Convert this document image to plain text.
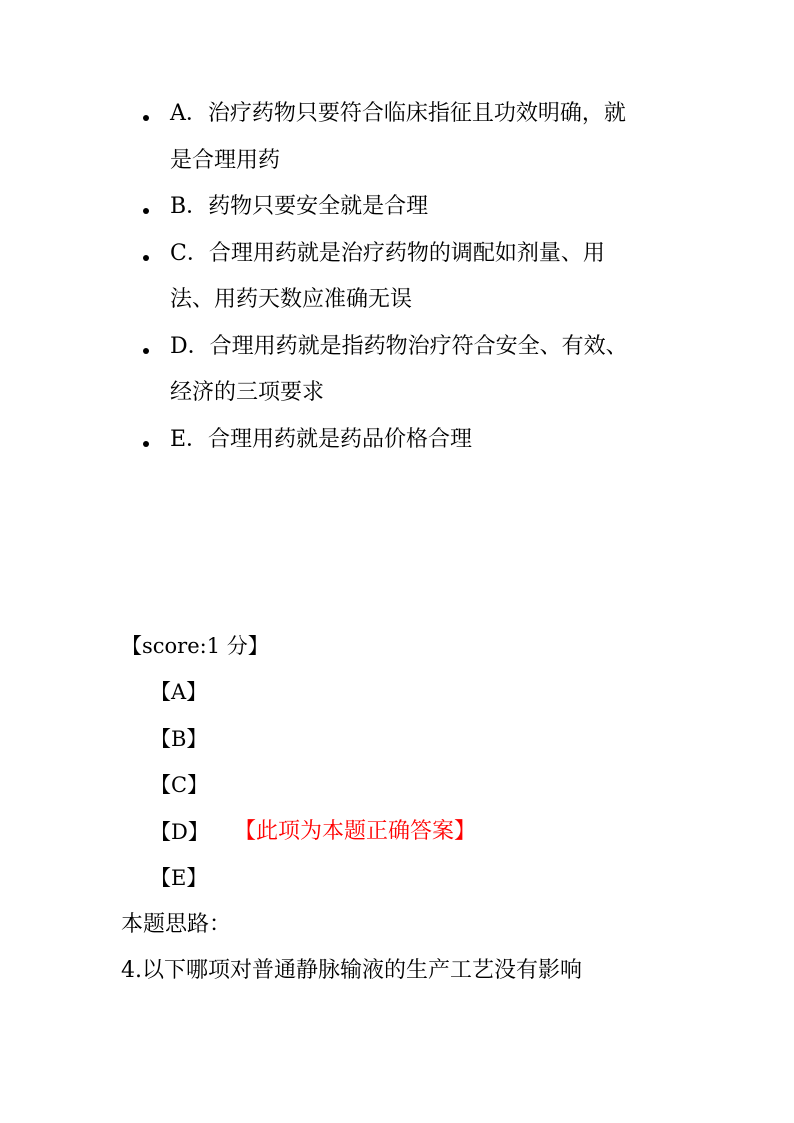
A．治疗药物只要符合临床指征且功效明确，就
是合理用药
B．药物只要安全就是合理
C．合理用药就是治疗药物的调配如剂量、用
法、用药天数应准确无误
D．合理用药就是指药物治疗符合安全、有效、
经济的三项要求
E．合理用药就是药品价格合理
【score:1 分】
【A】
【B】
【C】
【D】 【此项为本题正确答案】
【E】
本题思路：
4.以下哪项对普通静脉输液的生产工艺没有影响
